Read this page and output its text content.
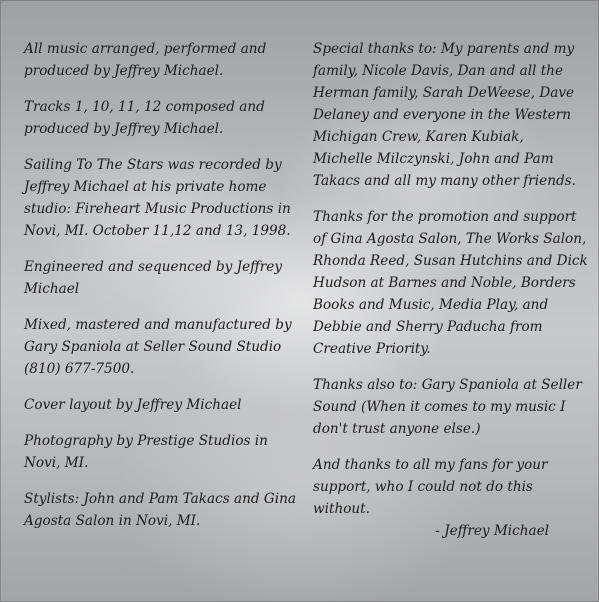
All music arranged, performed and
produced by Jeffrey Michael.
Tracks 1, 10, 11, 12 composed and
produced by Jeffrey Michael.
Sailing To The Stars was recorded by
Jeffrey Michael at his private home
studio: Fireheart Music Productions in
Novi, MI. October 11,12 and 13, 1998.
Engineered and sequenced by Jeffrey
Michael
Mixed, mastered and manufactured by
Gary Spaniola at Seller Sound Studio
(810) 677-7500.
Cover layout by Jeffrey Michael
Photography by Prestige Studios in
Novi, MI.
Stylists: John and Pam Takacs and Gina
Agosta Salon in Novi, MI.
Special thanks to: My parents and my
family, Nicole Davis, Dan and all the
Herman family, Sarah DeWeese, Dave
Delaney and everyone in the Western
Michigan Crew, Karen Kubiak,
Michelle Milczynski, John and Pam
Takacs and all my many other friends.
Thanks for the promotion and support
of Gina Agosta Salon, The Works Salon,
Rhonda Reed, Susan Hutchins and Dick
Hudson at Barnes and Noble, Borders
Books and Music, Media Play, and
Debbie and Sherry Paducha from
Creative Priority.
Thanks also to: Gary Spaniola at Seller
Sound (When it comes to my music I
don't trust anyone else.)
And thanks to all my fans for your
support, who I could not do this
without.
- Jeffrey Michael
